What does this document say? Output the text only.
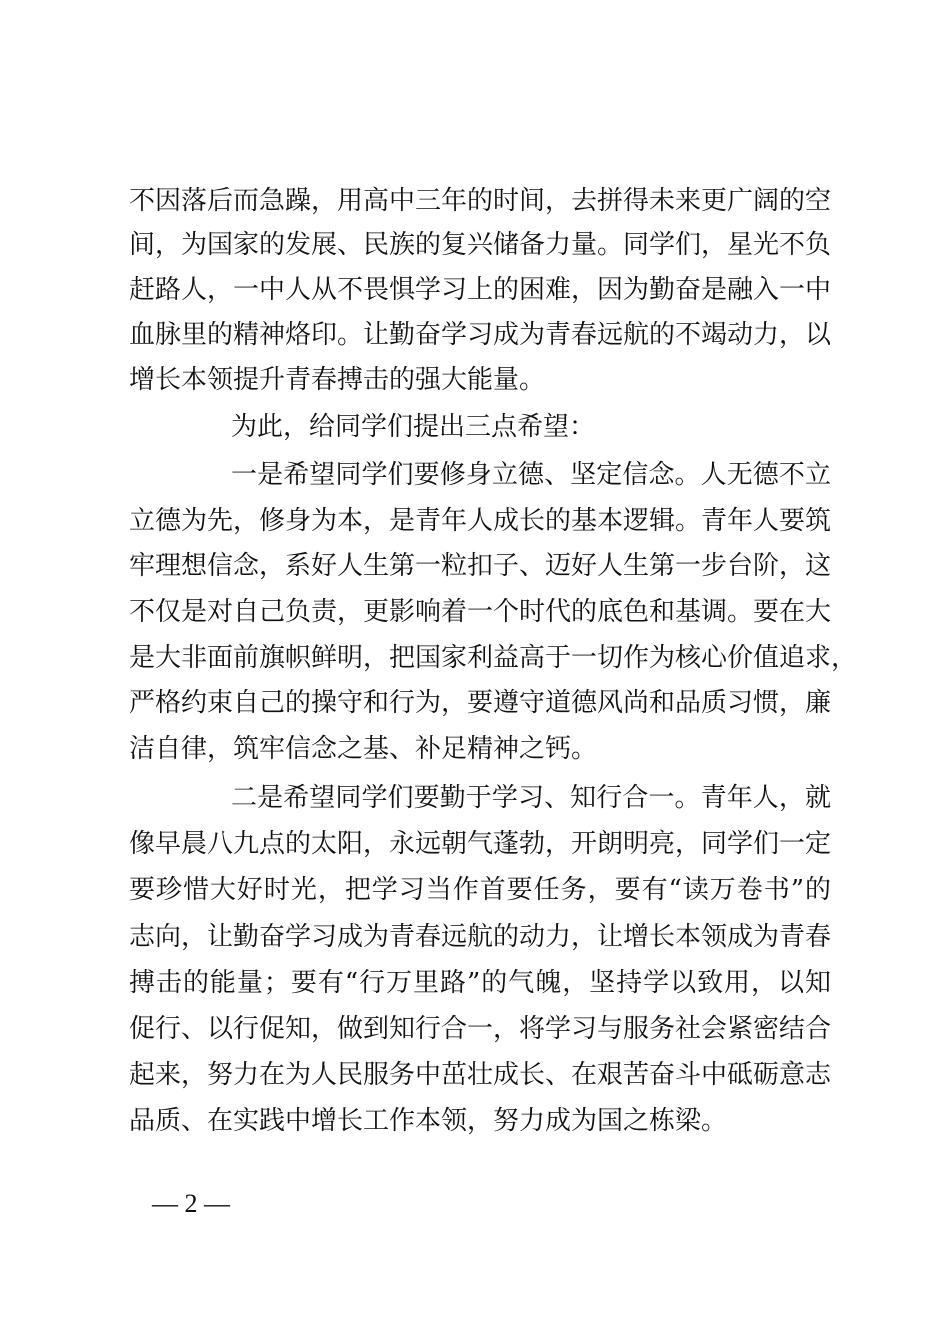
不因落后而急躁，用高中三年的时间，去拼得未来更广阔的空
间，为国家的发展、民族的复兴储备力量。同学们，星光不负
赶路人，一中人从不畏惧学习上的困难，因为勤奋是融入一中
血脉里的精神烙印。让勤奋学习成为青春远航的不竭动力，以
增长本领提升青春搏击的强大能量。
为此，给同学们提出三点希望：
一是希望同学们要修身立德、坚定信念。人无德不立
立德为先，修身为本，是青年人成长的基本逻辑。青年人要筑
牢理想信念，系好人生第一粒扣子、迈好人生第一步台阶，这
不仅是对自己负责，更影响着一个时代的底色和基调。要在大
是大非面前旗帜鲜明，把国家利益高于一切作为核心价值追求，
严格约束自己的操守和行为，要遵守道德风尚和品质习惯，廉
洁自律，筑牢信念之基、补足精神之钙。
二是希望同学们要勤于学习、知行合一。青年人，就
像早晨八九点的太阳，永远朝气蓬勃，开朗明亮，同学们一定
要珍惜大好时光，把学习当作首要任务，要有“读万卷书”的
志向，让勤奋学习成为青春远航的动力，让增长本领成为青春
搏击的能量；要有“行万里路”的气魄，坚持学以致用，以知
促行、以行促知，做到知行合一，将学习与服务社会紧密结合
起来，努力在为人民服务中茁壮成长、在艰苦奋斗中砥砺意志
品质、在实践中增长工作本领，努力成为国之栋梁。
— 2 —
